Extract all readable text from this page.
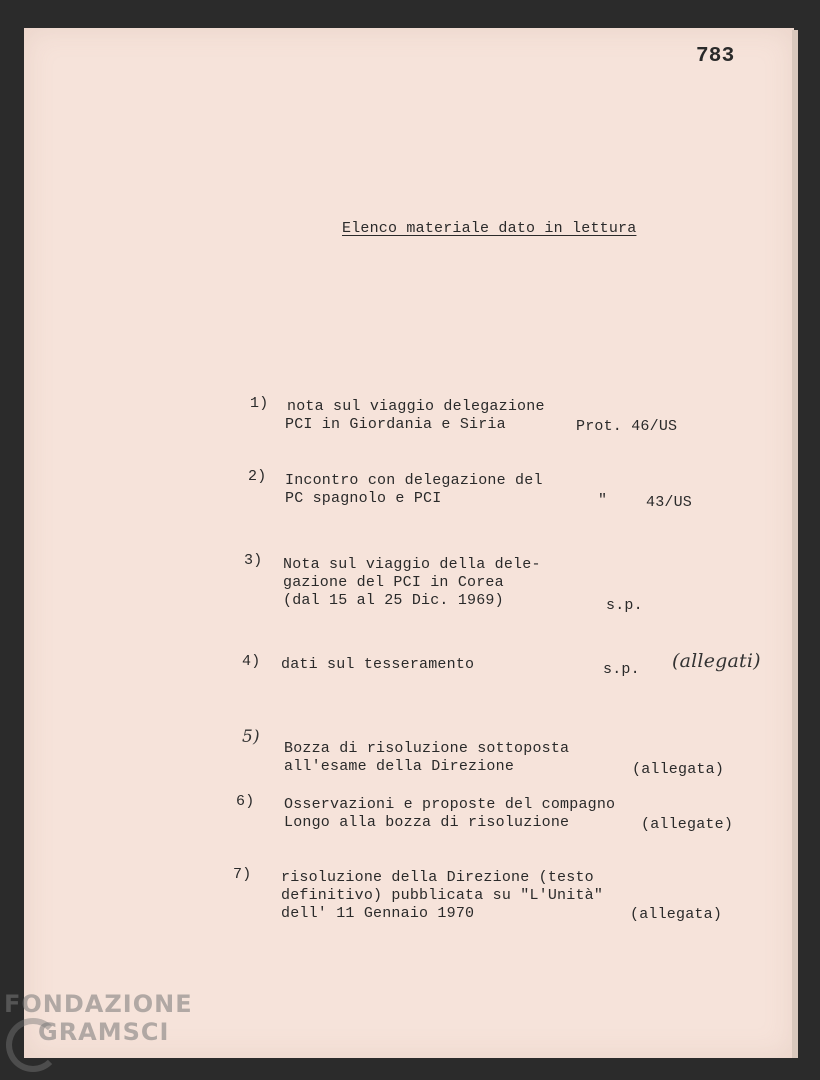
783
Elenco materiale dato in lettura
1) nota sul viaggio delegazione
PCI in Giordania e Siria	Prot. 46/US
2) Incontro con delegazione del
PC spagnolo e PCI	"	43/US
3) Nota sul viaggio della dele-
gazione del PCI in Corea
(dal 15 al 25 Dic. 1969)	s.p.
4) dati sul tesseramento	s.p. (allegati)
5)
Bozza di risoluzione sottoposta
all'esame della Direzione	(allegata)
6) Osservazioni e proposte del compagno
Longo alla bozza di risoluzione	(allegate)
7) risoluzione della Direzione (testo
definitivo) pubblicata su "L'Unità"
dell' 11 Gennaio 1970	(allegata)
FONDAZIONE
GRAMSCI
